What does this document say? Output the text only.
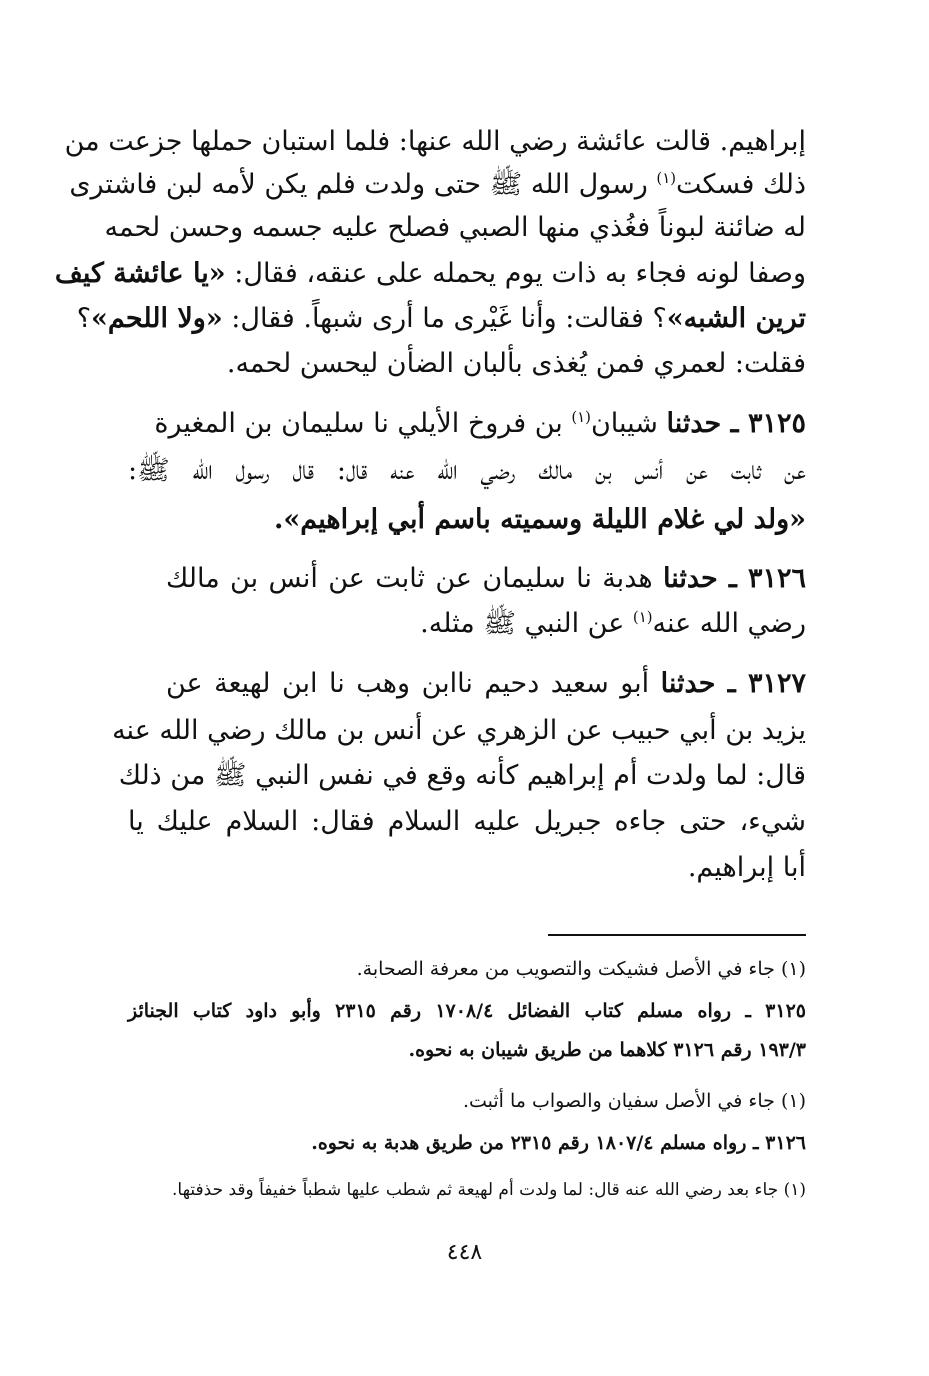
إبراهيم. قالت عائشة رضي الله عنها: فلما استبان حملها جزعت من
ذلك فسكت$^{(١)}$ رسول الله ﷺ حتى ولدت فلم يكن لأمه لبن فاشترى
له ضائنة لبوناً فغُذي منها الصبي فصلح عليه جسمه وحسن لحمه
وصفا لونه فجاء به ذات يوم يحمله على عنقه، فقال: «يا عائشة كيف
ترين الشبه»؟ فقالت: وأنا غَيْرى ما أرى شبهاً. فقال: «ولا اللحم»؟
فقلت: لعمري فمن يُغذى بألبان الضأن ليحسن لحمه.
٣١٢٥ ـ حدثنا شيبان$^{(١)}$ بن فروخ الأيلي نا سليمان بن المغيرة
عن ثابت عن أنس بن مالك رضي الله عنه قال: قال رسول الله ﷺ:
«ولد لي غلام الليلة وسميته باسم أبي إبراهيم».
٣١٢٦ ـ حدثنا هدبة نا سليمان عن ثابت عن أنس بن مالك
رضي الله عنه$^{(١)}$ عن النبي ﷺ مثله.
٣١٢٧ ـ حدثنا أبو سعيد دحيم ناابن وهب نا ابن لهيعة عن
يزيد بن أبي حبيب عن الزهري عن أنس بن مالك رضي الله عنه
قال: لما ولدت أم إبراهيم كأنه وقع في نفس النبي ﷺ من ذلك
شيء، حتى جاءه جبريل عليه السلام فقال: السلام عليك يا
أبا إبراهيم.
(١) جاء في الأصل فشيكت والتصويب من معرفة الصحابة.
٣١٢٥ ـ رواه مسلم كتاب الفضائل ١٧٠٨/٤ رقم ٢٣١٥ وأبو داود كتاب الجنائز
١٩٣/٣ رقم ٣١٢٦ كلاهما من طريق شيبان به نحوه.
(١) جاء في الأصل سفيان والصواب ما أثبت.
٣١٢٦ ـ رواه مسلم ١٨٠٧/٤ رقم ٢٣١٥ من طريق هدبة به نحوه.
(١) جاء بعد رضي الله عنه قال: لما ولدت أم لهيعة ثم شطب عليها شطباً خفيفاً وقد حذفتها.
٤٤٨
